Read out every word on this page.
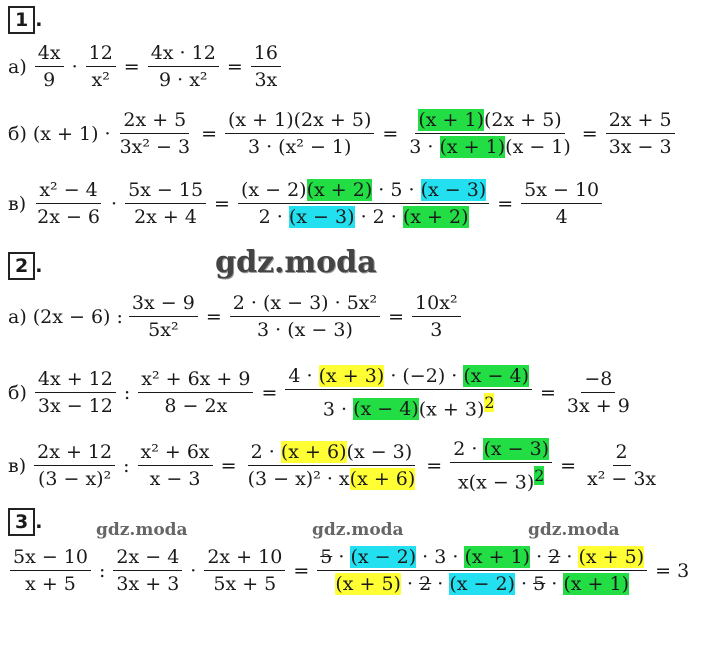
1 .
$а) \frac{4x}{9} \cdot \frac{12}{\text{x²}} = \frac{4x \cdot 12}{\text{9 · x²}} = \frac{16}{3x}$
б) $(x + 1) \cdot \frac{2x + 5}{\text{3x² − 3}} = \frac{(x + 1)(2x + 5)}{\text{3 · (x² − 1)}} = \frac{(x + 1)(2x + 5)}{3 \cdot (x + 1)(x - 1)} = \frac{2x + 5}{3x - 3}$
$в) \frac{\text{x² − 4}}{2x - 6} \cdot \frac{5x - 15}{2x + 4} = \frac{(x - 2)(x + 2) \cdot 5 \cdot (x - 3)}{2 \cdot (x - 3) \cdot 2 \cdot (x + 2)} = \frac{5x - 10}{4}$
2 .	gdz.moda
а) (2x − 6) : $\frac{3x - 9}{\text{5x²}} = \frac{\text{2 · (x − 3) · 5x²}}{3 \cdot (x - 3)} = \frac{\text{10x²}}{3}$
$б) \frac{4x + 12}{3x - 12}$ : $\frac{\text{x² + 6x + 9}}{8 - 2x} = \frac{4 \cdot (x + 3) \cdot (-2) \cdot (x - 4)}{3 \cdot (x - 4)(x + 3)^2} = \frac{-8}{3x + 9}$
$в) \frac{2x + 12}{\text{(3 − x)²}}$ : $\frac{\text{x² + 6x}}{x - 3} = \frac{2 \cdot (x + 6)(x - 3)}{\text{(3 − x)² · x(x + 6)}} = \frac{2 \cdot (x - 3)}{x(x - 3)^2} = \frac{2}{\text{x² − 3x}}$
3 .	gdz.moda	gdz.moda	gdz.moda
$\frac{5x - 10}{x + 5}$ : $\frac{2x - 4}{3x + 3} \cdot \frac{2x + 10}{5x + 5} = \frac{5 \cdot (x - 2) \cdot 3 \cdot (x + 1) \cdot 2 \cdot (x + 5)}{(x + 5) \cdot 2 \cdot (x - 2) \cdot 5 \cdot (x + 1)} = 3$
